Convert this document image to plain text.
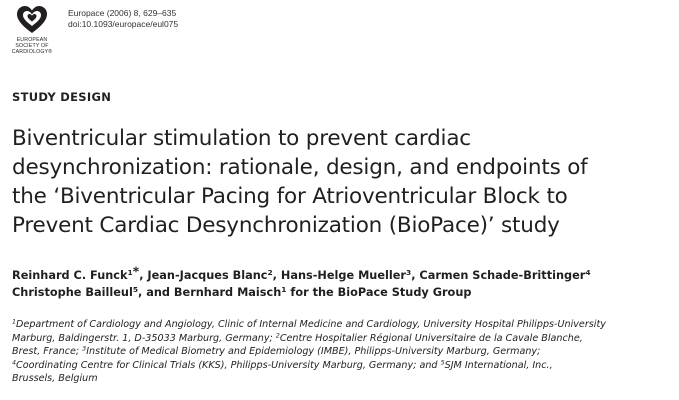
EUROPEAN
SOCIETY OF
CARDIOLOGY®
Europace (2006) 8, 629–635
doi:10.1093/europace/eul075
STUDY DESIGN
Biventricular stimulation to prevent cardiac
desynchronization: rationale, design, and endpoints of
the ‘Biventricular Pacing for Atrioventricular Block to
Prevent Cardiac Desynchronization (BioPace)’ study
Reinhard C. Funck$^{1*}$, Jean-Jacques Blanc$^2$, Hans-Helge Mueller$^3$, Carmen Schade-Brittinger$^4$
Christophe Bailleul$^5$, and Bernhard Maisch$^1$ for the BioPace Study Group
$^1$Department of Cardiology and Angiology, Clinic of Internal Medicine and Cardiology, University Hospital Philipps-University
Marburg, Baldingerstr. 1, D-35033 Marburg, Germany; $^2$Centre Hospitalier Régional Universitaire de la Cavale Blanche,
Brest, France; $^3$Institute of Medical Biometry and Epidemiology (IMBE), Philipps-University Marburg, Germany;
$^4$Coordinating Centre for Clinical Trials (KKS), Philipps-University Marburg, Germany; and $^5$SJM International, Inc.,
Brussels, Belgium
